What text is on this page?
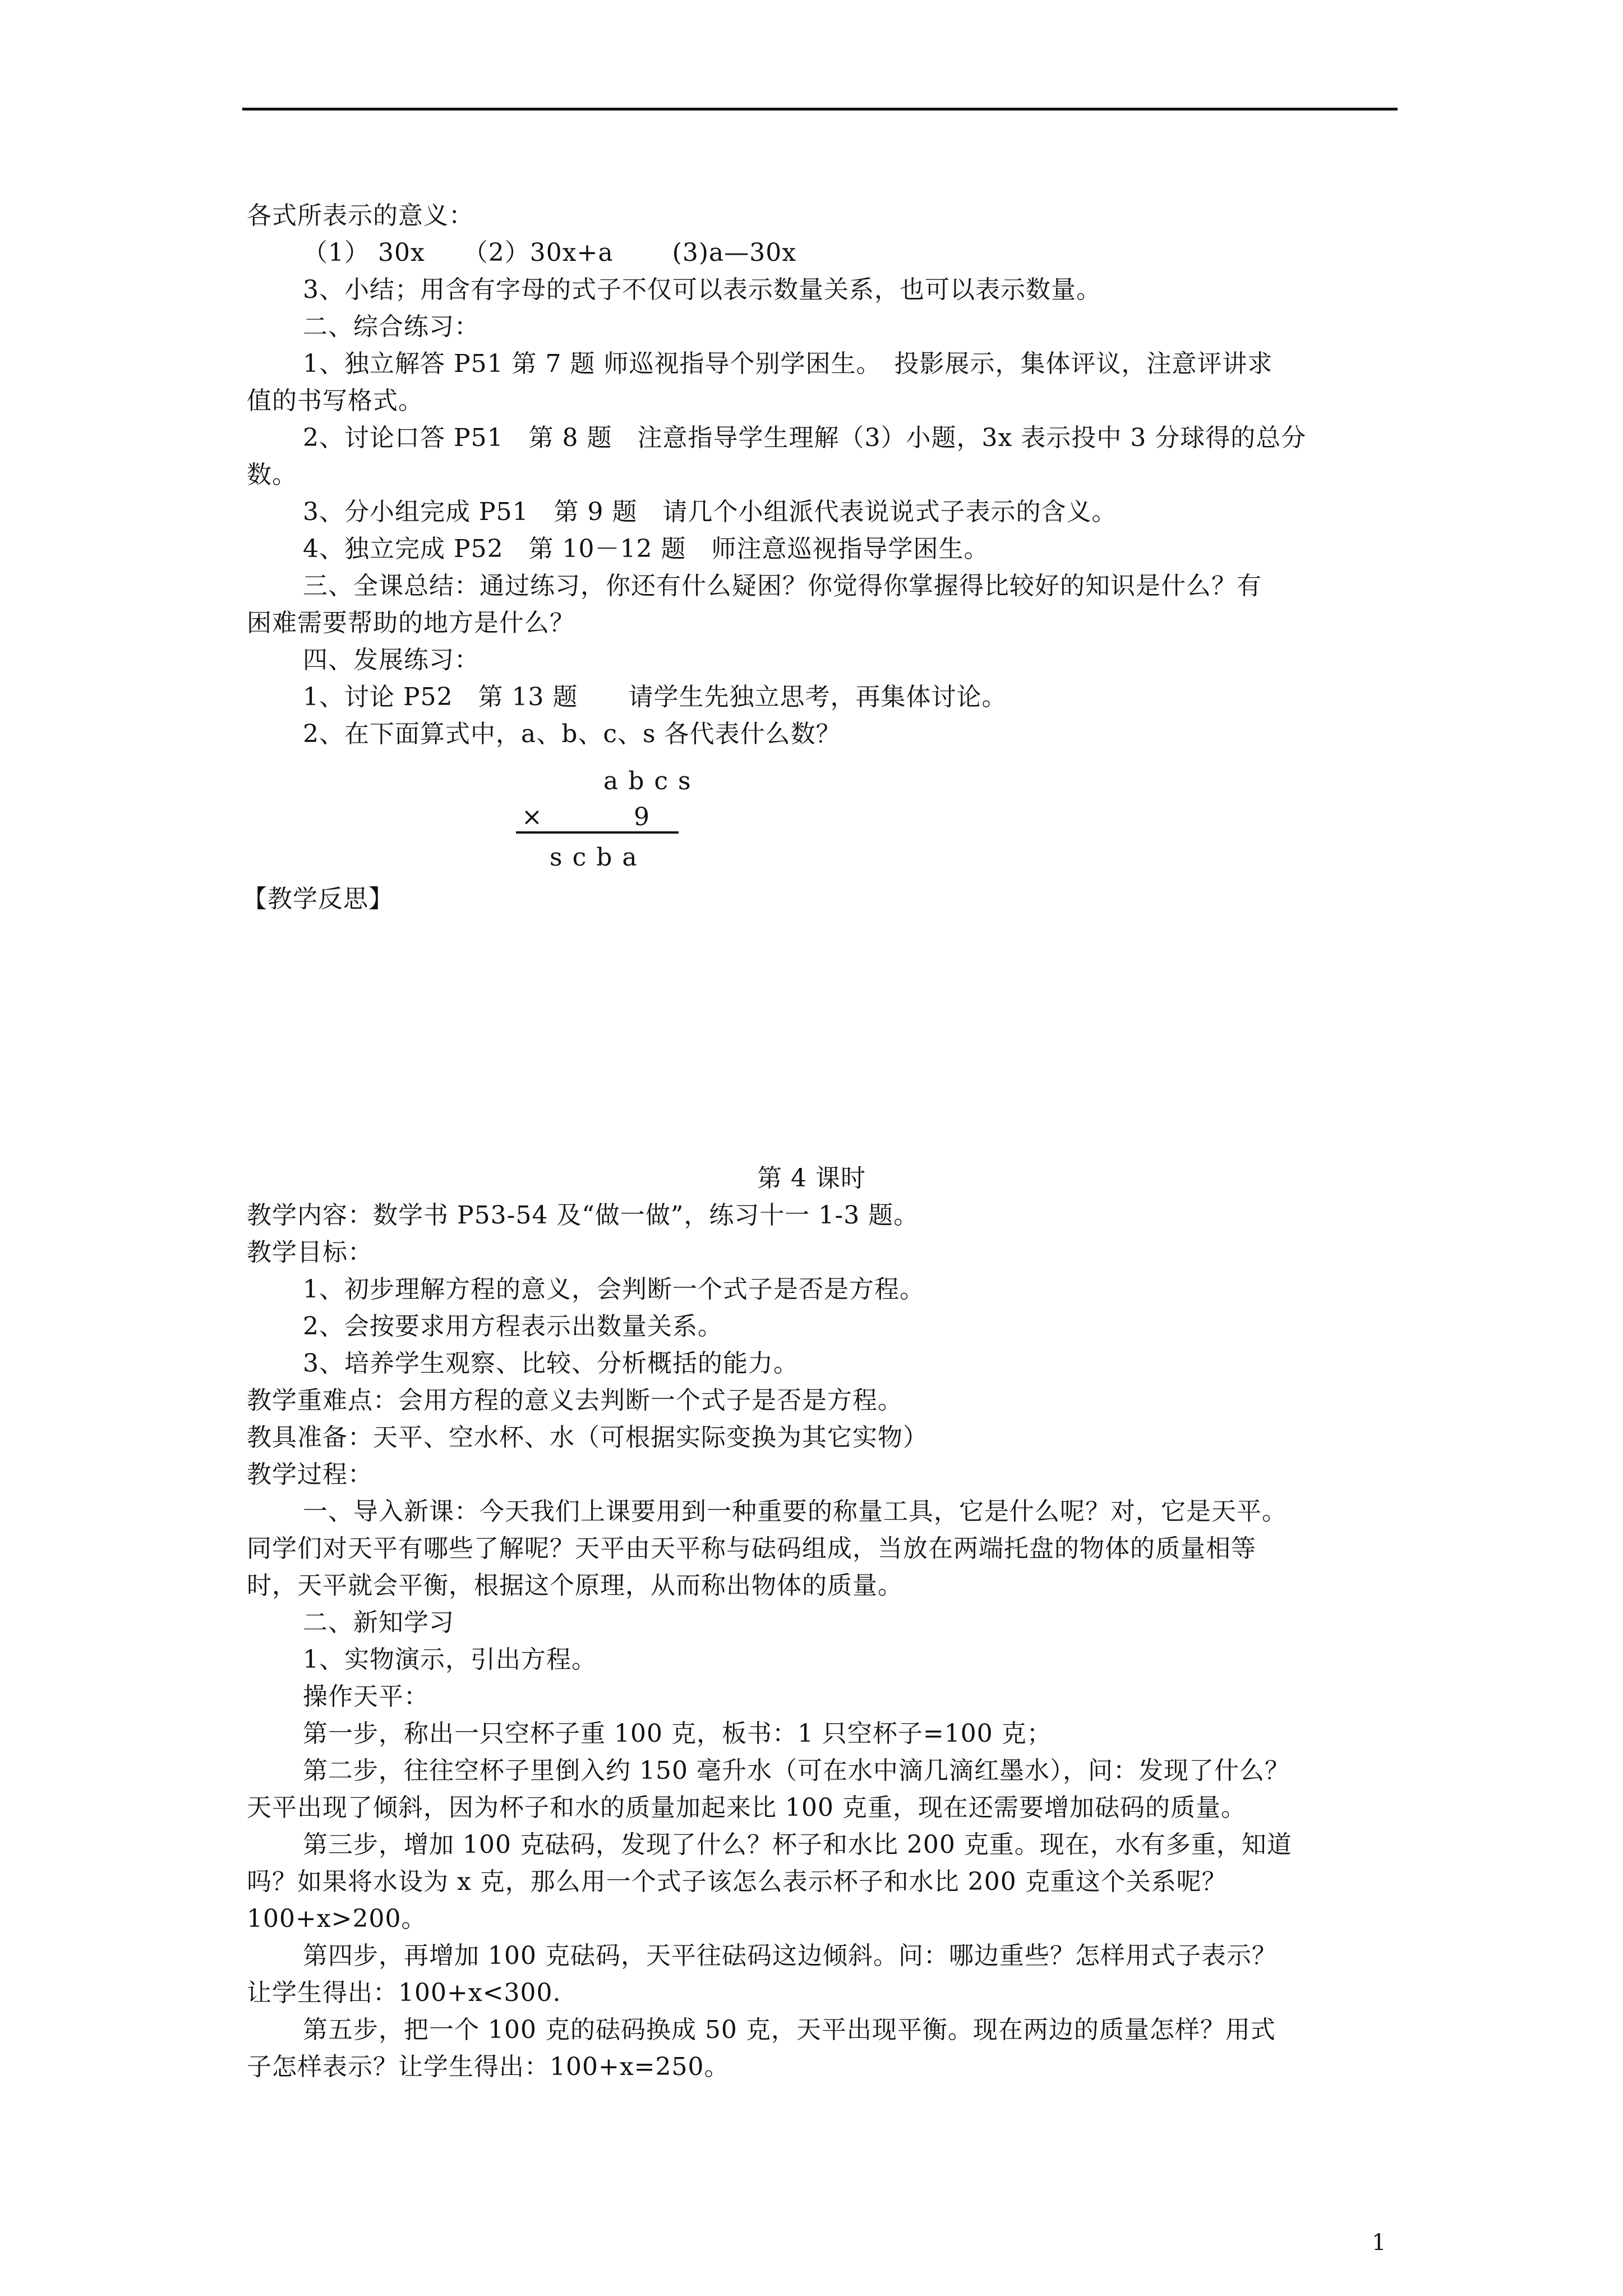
各式所表示的意义：
（1） 30x　　（2）30x+a　　 (3)a—30x
3、小结；用含有字母的式子不仅可以表示数量关系，也可以表示数量。
二、综合练习：
1、独立解答 P51 第 7 题 师巡视指导个别学困生。　投影展示，集体评议，注意评讲求
值的书写格式。
2、讨论口答 P51　第 8 题　注意指导学生理解（3）小题，3x 表示投中 3 分球得的总分
数。
3、分小组完成 P51　第 9 题　请几个小组派代表说说式子表示的含义。
4、独立完成 P52　第 10－12 题　师注意巡视指导学困生。
三、全课总结：通过练习，你还有什么疑困？你觉得你掌握得比较好的知识是什么？有
困难需要帮助的地方是什么？
四、发展练习：
1、讨论 P52　第 13 题　　请学生先独立思考，再集体讨论。
2、在下面算式中，a、b、c、s 各代表什么数？
abcs
×	9
scba
【教学反思】
第 4 课时
教学内容：数学书 P53-54 及“做一做”，练习十一 1-3 题。
教学目标：
1、初步理解方程的意义，会判断一个式子是否是方程。
2、会按要求用方程表示出数量关系。
3、培养学生观察、比较、分析概括的能力。
教学重难点：会用方程的意义去判断一个式子是否是方程。
教具准备：天平、空水杯、水（可根据实际变换为其它实物）
教学过程：
一、导入新课：今天我们上课要用到一种重要的称量工具，它是什么呢？对，它是天平。
同学们对天平有哪些了解呢？天平由天平称与砝码组成，当放在两端托盘的物体的质量相等
时，天平就会平衡，根据这个原理，从而称出物体的质量。
二、新知学习
1、实物演示，引出方程。
操作天平：
第一步，称出一只空杯子重 100 克，板书：1 只空杯子=100 克；
第二步，往往空杯子里倒入约 150 毫升水（可在水中滴几滴红墨水），问：发现了什么？
天平出现了倾斜，因为杯子和水的质量加起来比 100 克重，现在还需要增加砝码的质量。
第三步，增加 100 克砝码，发现了什么？杯子和水比 200 克重。现在，水有多重，知道
吗？如果将水设为 x 克，那么用一个式子该怎么表示杯子和水比 200 克重这个关系呢？
100+x>200。
第四步，再增加 100 克砝码，天平往砝码这边倾斜。问：哪边重些？怎样用式子表示？
让学生得出：100+x<300.
第五步，把一个 100 克的砝码换成 50 克，天平出现平衡。现在两边的质量怎样？用式
子怎样表示？让学生得出：100+x=250。
1
